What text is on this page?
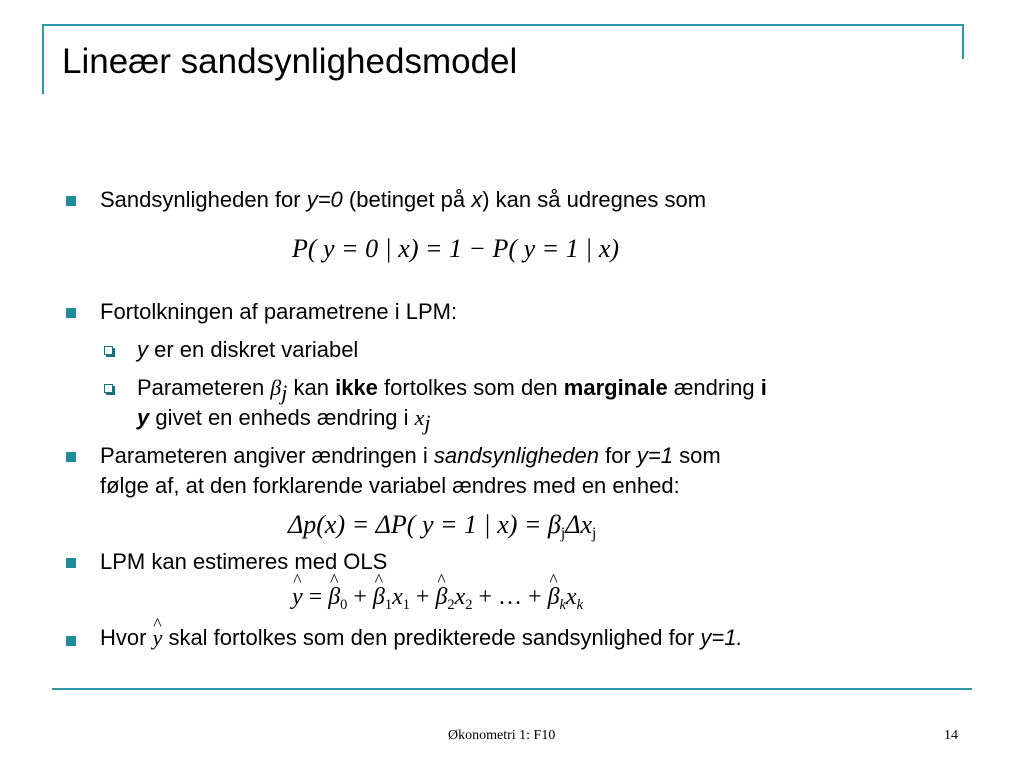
Lineær sandsynlighedsmodel
Sandsynligheden for y=0 (betinget på x) kan så udregnes som
P( y = 0 | x) = 1 − P( y = 1 | x)
Fortolkningen af parametrene i LPM:
y er en diskret variabel
Parameteren $\beta_j$ kan ikke fortolkes som den marginale ændring i
y givet en enheds ændring i $x_j$
Parameteren angiver ændringen i sandsynligheden for y=1 som
følge af, at den forklarende variabel ændres med en enhed:
Δp(x) = ΔP( y = 1 | $x) = \beta_j\Delta x_j$
LPM kan estimeres med OLS
^ y = ^ $\beta_0$ + ^ $\beta_1x_1$ + ^ $\beta_2x_2$ + … + ^ $\beta_kx_k$
Hvor ^ y skal fortolkes som den predikterede sandsynlighed for y=1.
Økonometri 1: F10	14
